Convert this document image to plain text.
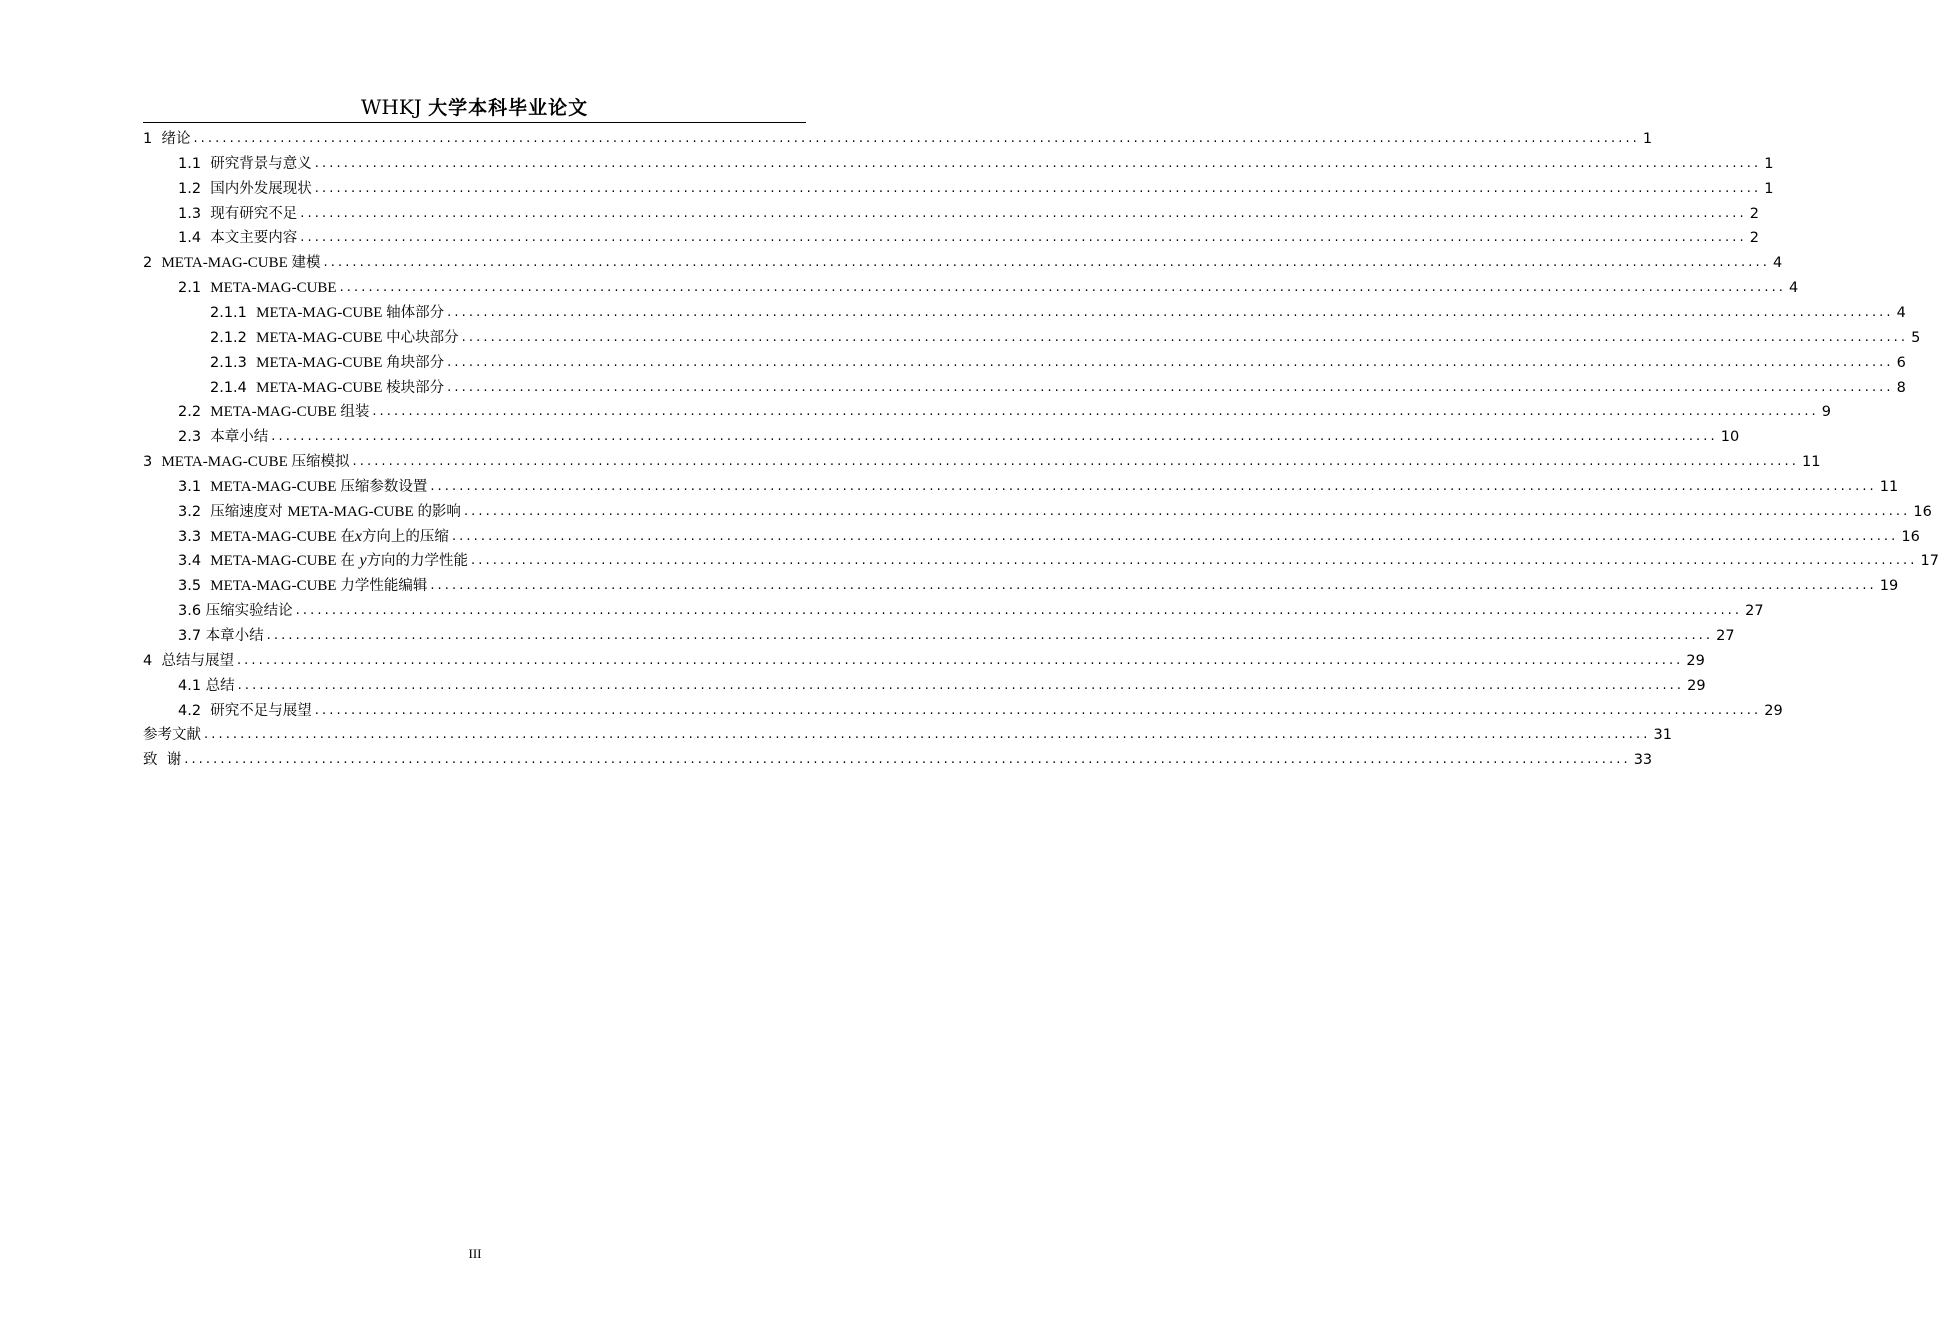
WHKJ 大学本科毕业论文
1 绪论 ........................................................................................................................................................................................................ 1
1.1 研究背景与意义 ........................................................................................................................................................................................................ 1
1.2 国内外发展现状 ........................................................................................................................................................................................................ 1
1.3 现有研究不足 ........................................................................................................................................................................................................ 2
1.4 本文主要内容 ........................................................................................................................................................................................................ 2
2 META-MAG-CUBE 建模 ........................................................................................................................................................................................................ 4
2.1 META-MAG-CUBE ........................................................................................................................................................................................................ 4
2.1.1 META-MAG-CUBE 轴体部分 ........................................................................................................................................................................................................ 4
2.1.2 META-MAG-CUBE 中心块部分 ........................................................................................................................................................................................................ 5
2.1.3 META-MAG-CUBE 角块部分 ........................................................................................................................................................................................................ 6
2.1.4 META-MAG-CUBE 棱块部分 ........................................................................................................................................................................................................ 8
2.2 META-MAG-CUBE 组装 ........................................................................................................................................................................................................ 9
2.3 本章小结 ........................................................................................................................................................................................................ 10
3 META-MAG-CUBE 压缩模拟 ........................................................................................................................................................................................................ 11
3.1 META-MAG-CUBE 压缩参数设置 ........................................................................................................................................................................................................ 11
3.2 压缩速度对 META-MAG-CUBE 的影响 ........................................................................................................................................................................................................ 16
3.3 META-MAG-CUBE 在x方向上的压缩 ........................................................................................................................................................................................................ 16
3.4 META-MAG-CUBE 在 y方向的力学性能 ........................................................................................................................................................................................................ 17
3.5 META-MAG-CUBE 力学性能编辑 ........................................................................................................................................................................................................ 19
3.6 压缩实验结论 ........................................................................................................................................................................................................ 27
3.7 本章小结 ........................................................................................................................................................................................................ 27
4 总结与展望 ........................................................................................................................................................................................................ 29
4.1 总结 ........................................................................................................................................................................................................ 29
4.2 研究不足与展望 ........................................................................................................................................................................................................ 29
参考文献 ........................................................................................................................................................................................................ 31
致  谢 ........................................................................................................................................................................................................ 33
III
